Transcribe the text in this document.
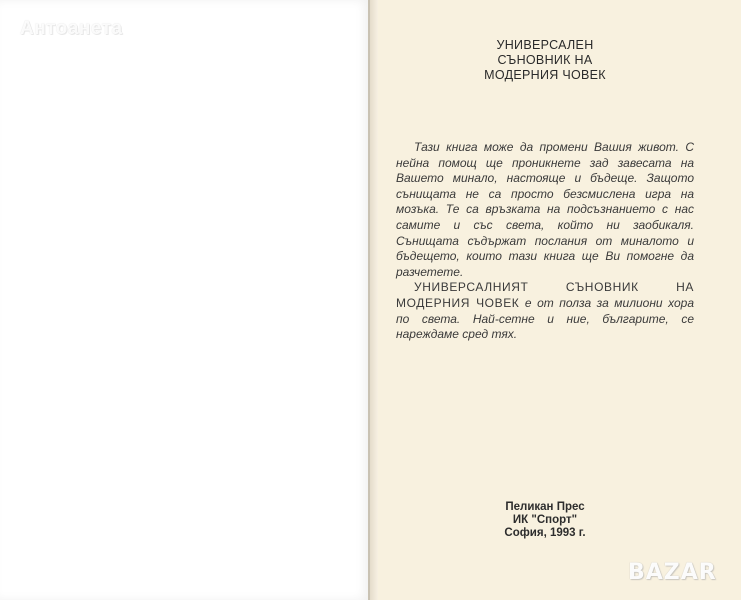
Антоанета
УНИВЕРСАЛЕН
СЪНОВНИК НА
МОДЕРНИЯ ЧОВЕК

Тази книга може да промени Вашия живот. С нейна помощ ще проникнете зад завесата на Вашето минало, настояще и бъдеще. Защото сънищата не са просто безсмислена игра на мозъка. Те са връзката на подсъзнанието с нас самите и със света, който ни заобикаля. Сънищата съдържат послания от миналото и бъдещето, които тази книга ще Ви помогне да разчетете.

УНИВЕРСАЛНИЯТ СЪНОВНИК НА МОДЕРНИЯ ЧОВЕК е от полза за милиони хора по света. Най-сетне и ние, българите, се нареждаме сред тях.

Пеликан Прес
ИК "Спорт"
София, 1993 г.
BAZAR
